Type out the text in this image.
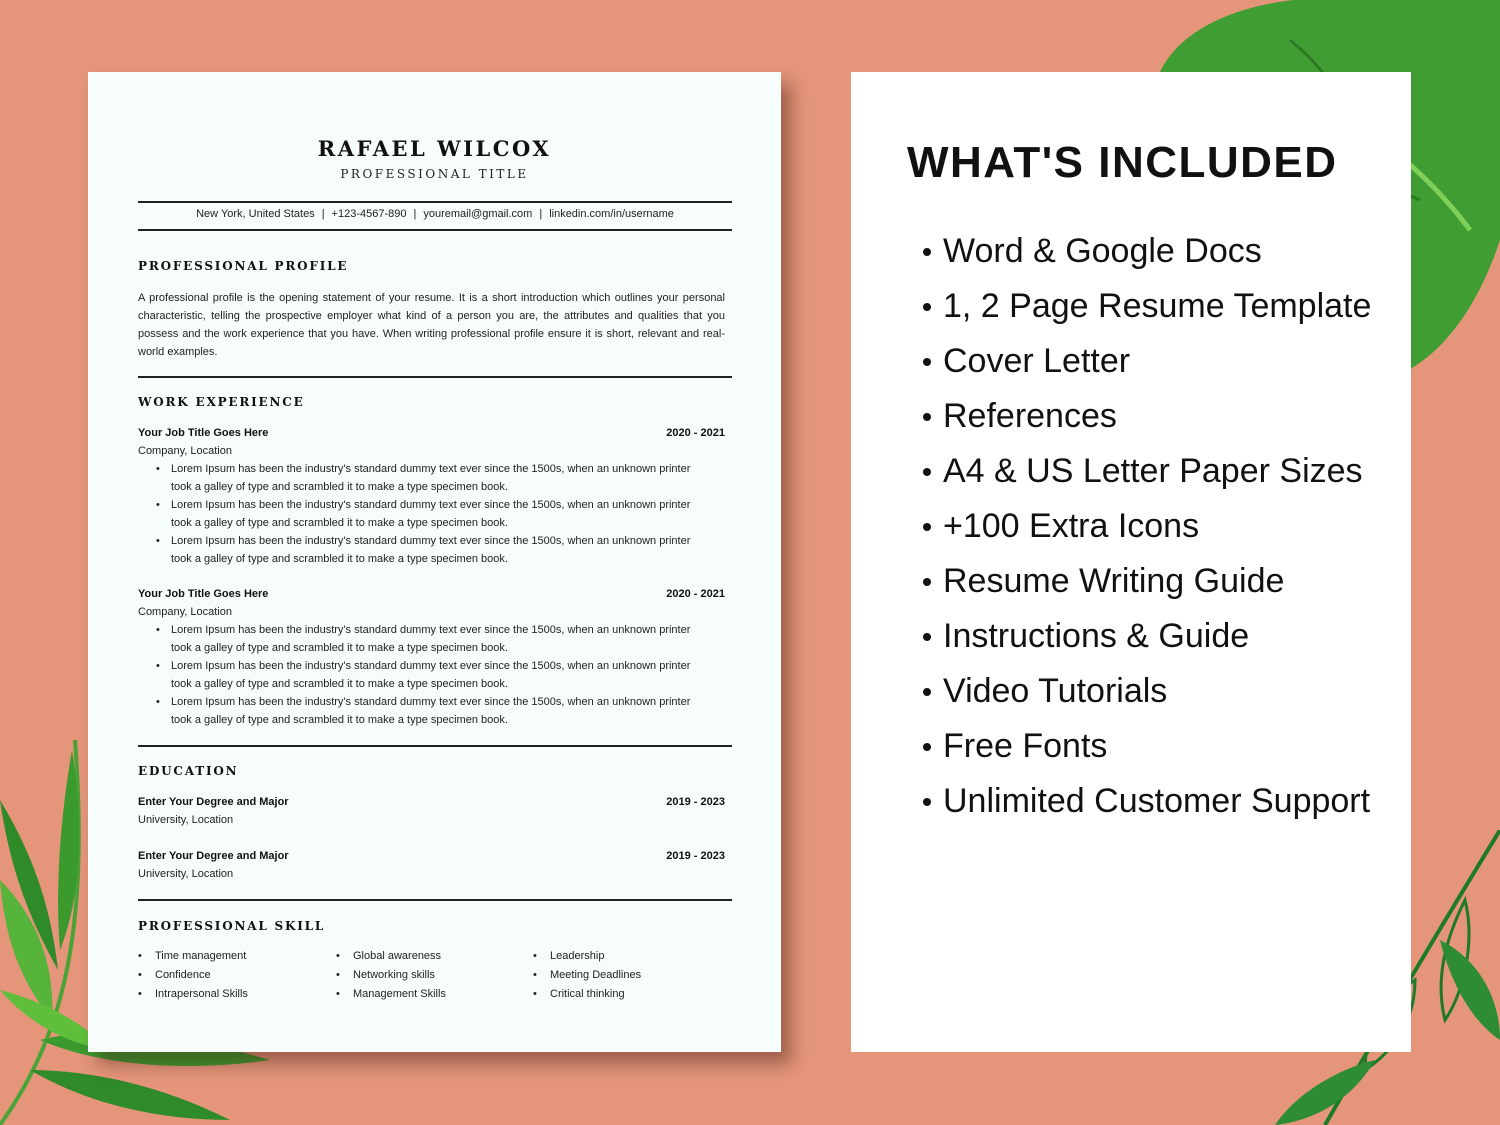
RAFAEL WILCOX
PROFESSIONAL TITLE
New York, United States | +123-4567-890 | youremail@gmail.com | linkedin.com/in/username
PROFESSIONAL PROFILE

A professional profile is the opening statement of your resume. It is a short introduction which outlines your personal characteristic, telling the prospective employer what kind of a person you are, the attributes and qualities that you possess and the work experience that you have. When writing professional profile ensure it is short, relevant and real-world examples.

WORK EXPERIENCE
Your Job Title Goes Here	2020 - 2021
Company, Location
• Lorem Ipsum has been the industry's standard dummy text ever since the 1500s, when an unknown printer
took a galley of type and scrambled it to make a type specimen book.
• Lorem Ipsum has been the industry's standard dummy text ever since the 1500s, when an unknown printer
took a galley of type and scrambled it to make a type specimen book.
• Lorem Ipsum has been the industry's standard dummy text ever since the 1500s, when an unknown printer
took a galley of type and scrambled it to make a type specimen book.
Your Job Title Goes Here	2020 - 2021
Company, Location
• Lorem Ipsum has been the industry's standard dummy text ever since the 1500s, when an unknown printer
took a galley of type and scrambled it to make a type specimen book.
• Lorem Ipsum has been the industry's standard dummy text ever since the 1500s, when an unknown printer
took a galley of type and scrambled it to make a type specimen book.
• Lorem Ipsum has been the industry's standard dummy text ever since the 1500s, when an unknown printer
took a galley of type and scrambled it to make a type specimen book.
EDUCATION
Enter Your Degree and Major	2019 - 2023
University, Location
Enter Your Degree and Major	2019 - 2023
University, Location
PROFESSIONAL SKILL
• Time management
• Confidence
• Intrapersonal Skills
• Global awareness
• Networking skills
• Management Skills
• Leadership
• Meeting Deadlines
• Critical thinking
WHAT'S INCLUDED
Word & Google Docs
1, 2 Page Resume Template
Cover Letter
References
A4 & US Letter Paper Sizes
+100 Extra Icons
Resume Writing Guide
Instructions & Guide
Video Tutorials
Free Fonts
Unlimited Customer Support
